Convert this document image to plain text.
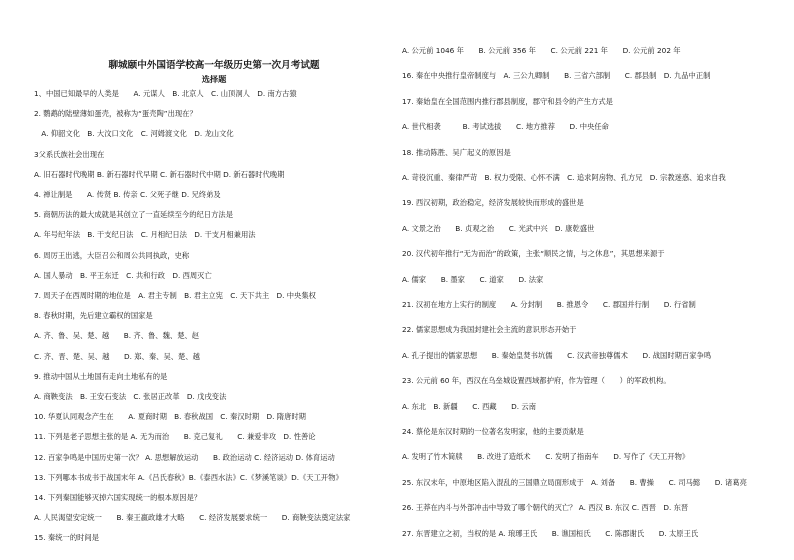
聊城颐中外国语学校高一年级历史第一次月考试题
选择题
1、中国已知最早的人类是　　A. 元谋人　B. 北京人　C. 山顶洞人　D. 南方古猿
2. 鹦鹉的陆壁薄如蛋壳，被称为“蛋壳陶”出现在？
　A. 仰韶文化　B. 大汶口文化　C. 河姆渡文化　D. 龙山文化
3父系氏族社会出现在
A. 旧石器时代晚期 B. 新石器时代早期 C. 新石器时代中期 D. 新石器时代晚期
4. 禅让制是　　A. 传贤 B. 传亲 C. 父死子继 D. 兄终弟及
5. 商朝历法的最大成就是其创立了一直延续至今的纪日方法是
A. 年号纪年法　B. 干支纪日法　C. 月相纪日法　D. 干支月相兼用法
6. 周厉王出逃，大臣召公和周公共同执政，史称
A. 国人暴动　B. 平王东迁　C. 共和行政　D. 西周灭亡
7. 周天子在西周时期的地位是　A. 君主专制　B. 君主立宪　C. 天下共主　D. 中央集权
8. 春秋时期，先后建立霸权的国家是
A. 齐、鲁、吴、楚、越　　B. 齐、鲁、魏、楚、赵
C. 齐、晋、楚、吴、越　　D. 郑、秦、吴、楚、越
9. 推动中国从土地国有走向土地私有的是
A. 商鞅变法　B. 王安石变法　C. 张居正改革　D. 戊戌变法
10. 华夏认同观念产生在　　A. 夏商时期　B. 春秋战国　C. 秦汉时期　D. 隋唐时期
11. 下列是老子思想主张的是 A. 无为而治　　B. 克己复礼　　C. 兼爱非攻　D. 性善论
12. 百家争鸣是中国历史第一次？ A. 思想解放运动　　B. 政治运动 C. 经济运动 D. 体育运动
13. 下列哪本书成书于战国末年 A.《吕氏春秋》B.《泰西水法》C.《梦溪笔谈》D.《天工开物》
14. 下列秦国能够灭掉六国实现统一的根本原因是？
A. 人民渴望安定统一　　B. 秦王嬴政雄才大略　　C. 经济发展要求统一　　D. 商鞅变法奠定法家
15. 秦统一的时间是
A. 公元前 1046 年　　B. 公元前 356 年　　C. 公元前 221 年　　D. 公元前 202 年
16. 秦在中央推行皇帝制度与　A. 三公九卿制　　B. 三省六部制　　C. 郡县制　D. 九品中正制
17. 秦始皇在全国范围内推行郡县制度，郡守和县令的产生方式是
A. 世代相袭　　　B. 考试选拔　　C. 地方推荐　　D. 中央任命
18. 推动陈胜、吴广起义的原因是
A. 苛役沉重、秦律严苛　B. 权力受限、心怀不满　C. 追求阿房物、孔方兄　D. 宗教迷惑、追求自我
19. 西汉初期，政治稳定，经济发展较快而形成的盛世是
A. 文景之治　　B. 贞观之治　　C. 光武中兴　D. 康乾盛世
20. 汉代初年推行“无为而治”的政策，主张“顺民之情，与之休息”，其思想来源于
A. 儒家　　B. 墨家　　C. 道家　　D. 法家
21. 汉初在地方上实行的制度　　A. 分封制　　B. 推恩令　　C. 郡国并行制　　D. 行省制
22. 儒家思想成为我国封建社会主流的意识形态开始于
A. 孔子提出的儒家思想　　B. 秦始皇焚书坑儒　　C. 汉武帝独尊儒术　　D. 战国时期百家争鸣
23. 公元前 60 年，西汉在乌垒城设置西域都护府，作为管理（　　）的军政机构。
A. 东北　B. 新疆　　C. 西藏　　D. 云南
24. 蔡伦是东汉时期的一位著名发明家，他的主要贡献是
A. 发明了竹木简牍　　B. 改进了造纸术　　C. 发明了指南车　　D. 写作了《天工开物》
25. 东汉末年，中原地区陷入混乱的三国鼎立局面形成于　A. 刘备　　B. 曹操　　C. 司马懿　　D. 诸葛亮
26. 王莽在内斗与外部冲击中导致了哪个朝代的灭亡？ A. 西汉 B. 东汉 C. 西晋　D. 东晋
27. 东晋建立之初，当权的是 A. 琅琊王氏　　B. 谯国桓氏　　C. 陈郡谢氏　　D. 太原王氏
